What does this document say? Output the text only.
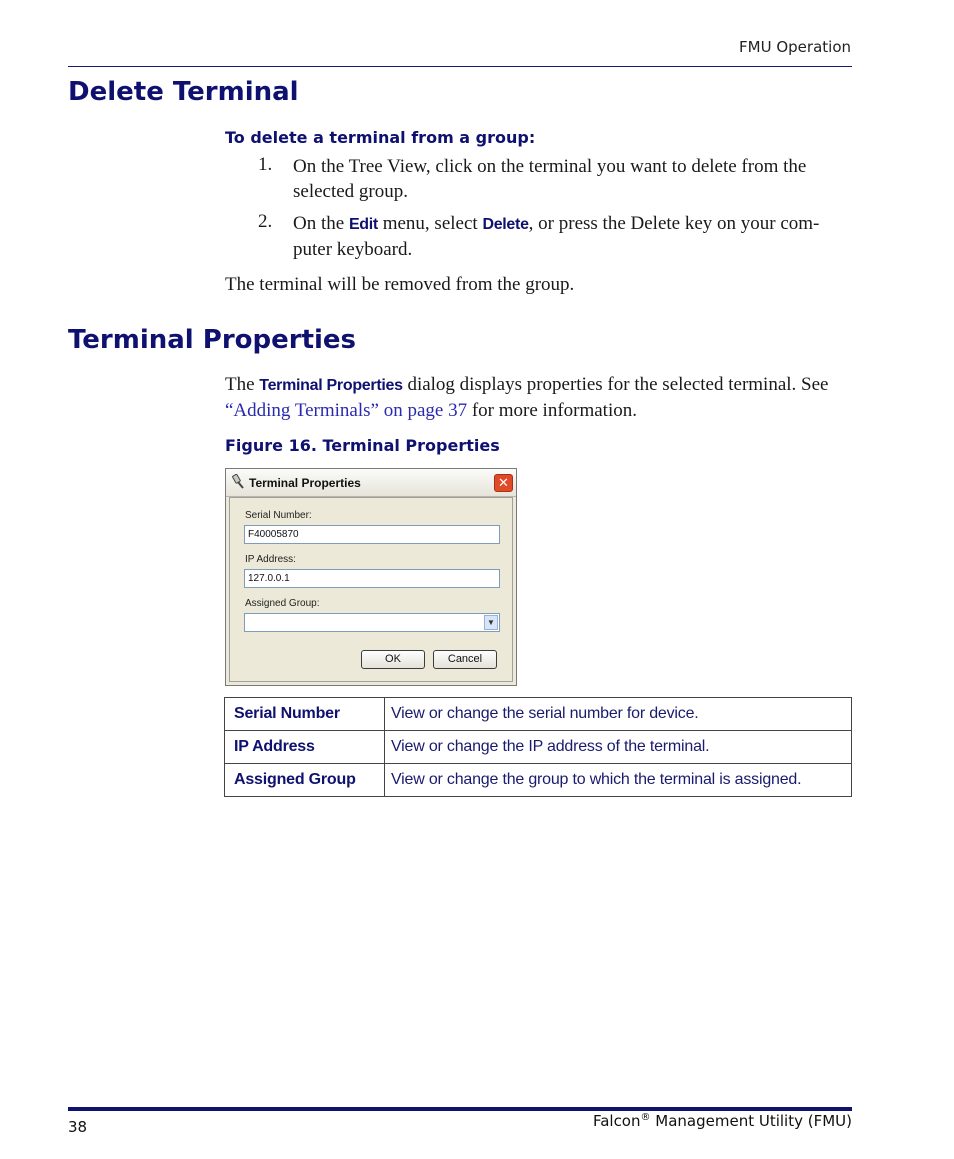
FMU Operation
Delete Terminal
To delete a terminal from a group:
1. On the Tree View, click on the terminal you want to delete from the
selected group.
2. On the Edit menu, select Delete, or press the Delete key on your com-
puter keyboard.
The terminal will be removed from the group.
Terminal Properties
The Terminal Properties dialog displays properties for the selected terminal. See
“Adding Terminals” on page 37 for more information.
Figure 16. Terminal Properties
Terminal Properties	✕
Serial Number:
F40005870
IP Address:
127.0.0.1
Assigned Group:
▼
OK	Cancel
Serial Number	View or change the serial number for device.
IP Address	View or change the IP address of the terminal.
Assigned Group	View or change the group to which the terminal is assigned.
38	Falcon® Management Utility (FMU)
